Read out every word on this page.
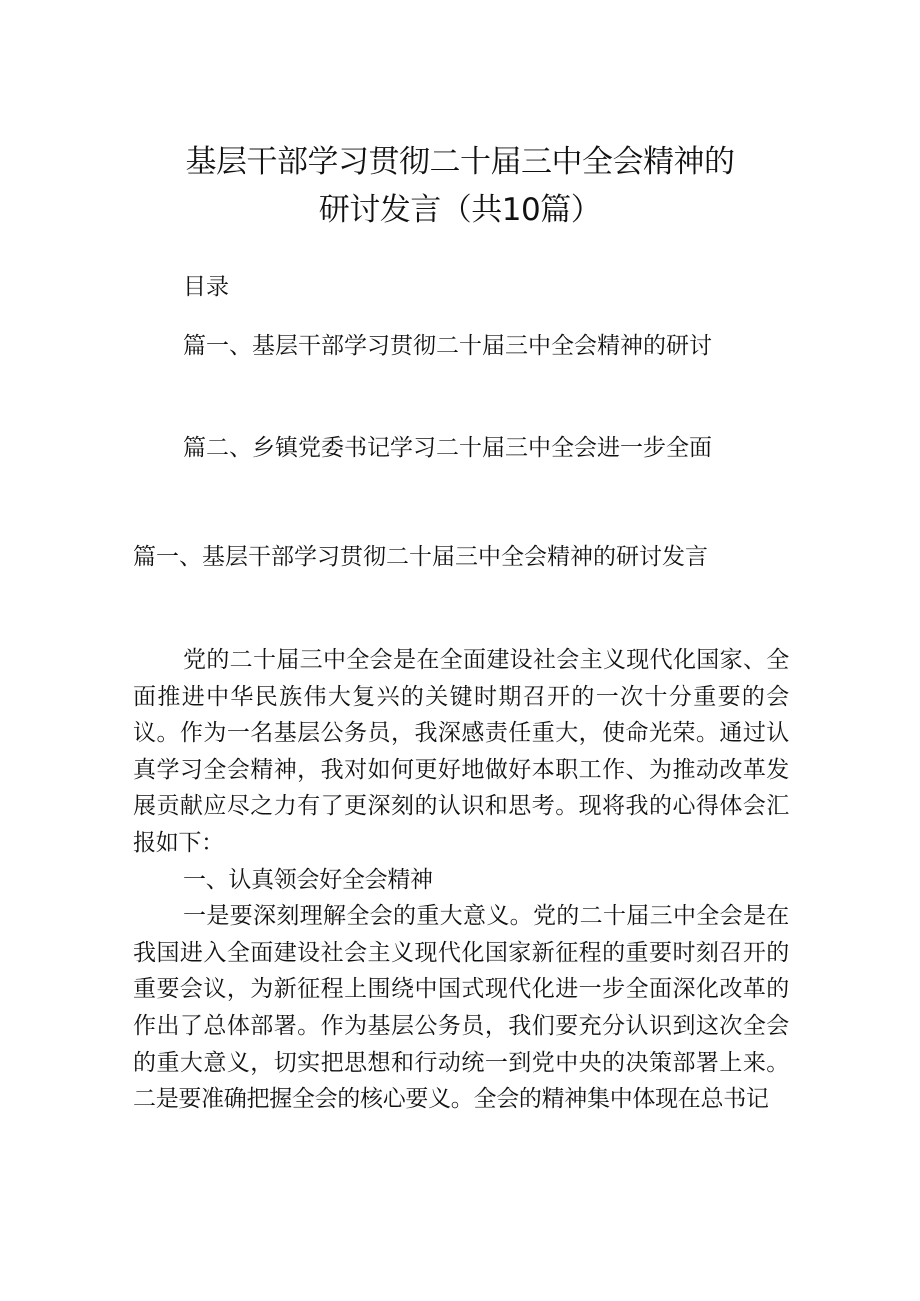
基层干部学习贯彻二十届三中全会精神的
研讨发言（共10篇）
目录
篇一、基层干部学习贯彻二十届三中全会精神的研讨
篇二、乡镇党委书记学习二十届三中全会进一步全面
篇一、基层干部学习贯彻二十届三中全会精神的研讨发言

党的二十届三中全会是在全面建设社会主义现代化国家、全面推进中华民族伟大复兴的关键时期召开的一次十分重要的会议。作为一名基层公务员，我深感责任重大，使命光荣。通过认真学习全会精神，我对如何更好地做好本职工作、为推动改革发展贡献应尽之力有了更深刻的认识和思考。现将我的心得体会汇报如下：

一、认真领会好全会精神

一是要深刻理解全会的重大意义。党的二十届三中全会是在我国进入全面建设社会主义现代化国家新征程的重要时刻召开的重要会议，为新征程上围绕中国式现代化进一步全面深化改革的作出了总体部署。作为基层公务员，我们要充分认识到这次全会的重大意义，切实把思想和行动统一到党中央的决策部署上来。二是要准确把握全会的核心要义。全会的精神集中体现在总书记
